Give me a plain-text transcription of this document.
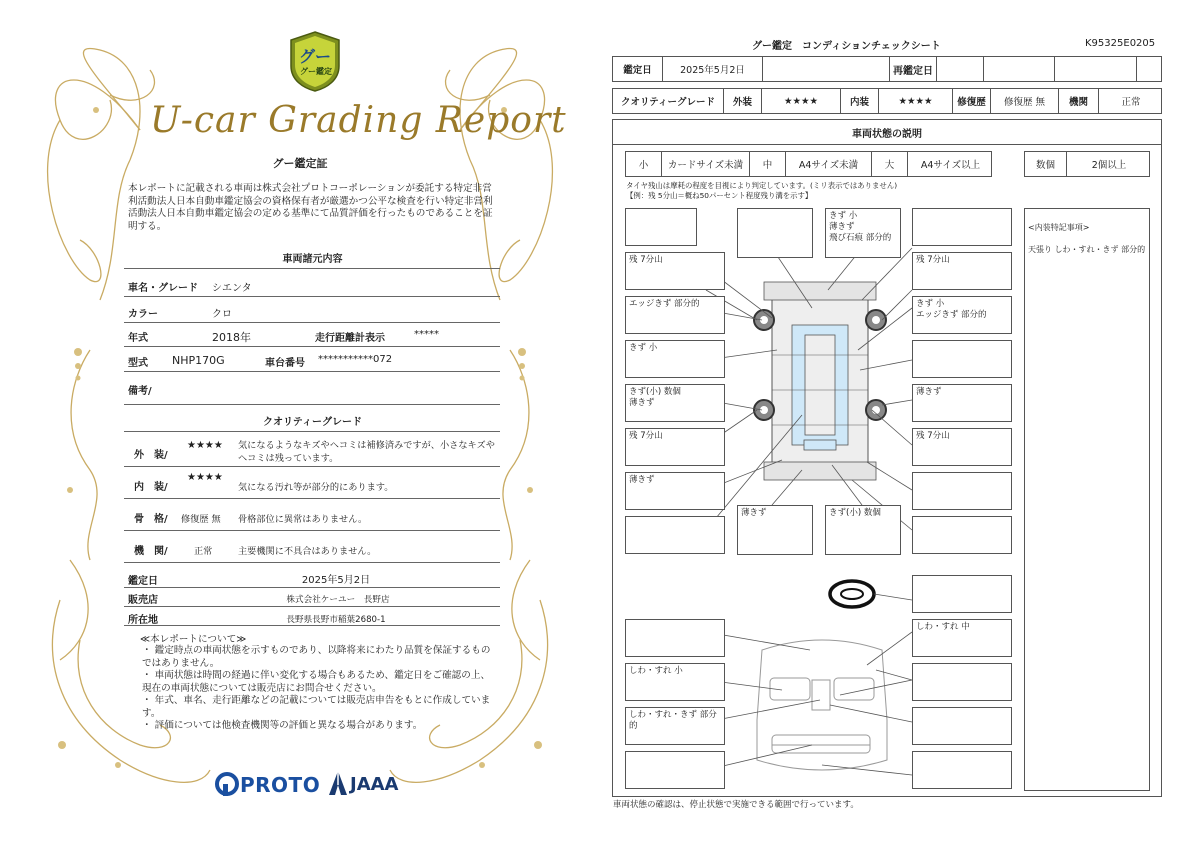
グー
グー鑑定
U-car Grading Report
グー鑑定証
本レポートに記載される車両は株式会社プロトコーポレーションが委託する特定非営利活動法人日本自動車鑑定協会の資格保有者が厳選かつ公平な検査を行い特定非営利活動法人日本自動車鑑定協会の定める基準にて品質評価を行ったものであることを証明する。
車両諸元内容
車名・グレード シエンタ
カラー	クロ
年式	2018年	走行距離計表示	*****
型式 NHP170G	車台番号 ***********072
備考/
クオリティーグレード
外　装/
★★★★ 気になるようなキズやヘコミは補修済みですが、小さなキズやヘコミは残っています。
内　装/
★★★★
気になる汚れ等が部分的にあります。
骨　格/ 修復歴 無 骨格部位に異常はありません。
機　関/	正常	主要機関に不具合はありません。
鑑定日	2025年5月2日
販売店	株式会社ケーユー　長野店
所在地	長野県長野市稲葉2680-1
≪本レポートについて≫
・ 鑑定時点の車両状態を示すものであり、以降将来にわたり品質を保証するものではありません。
・ 車両状態は時間の経過に伴い変化する場合もあるため、鑑定日をご確認の上、現在の車両状態については販売店にお問合せください。
・ 年式、車名、走行距離などの記載については販売店申告をもとに作成しています。
・ 評価については他検査機関等の評価と異なる場合があります。
PROTO JAAA
グー鑑定　コンディションチェックシート	K95325E0205
鑑定日	2025年5月2日	再鑑定日
クオリティーグレード	外装	★★★★	内装	★★★★	修復歴	修復歴 無	機関	正常
車両状態の説明
小	カードサイズ未満	中	A4サイズ未満	大	A4サイズ以上	数個	2個以上
タイヤ残山は摩耗の程度を目視により判定しています。(ミリ表示ではありません)
【例：残 5分山＝概ね50パーセント程度残り溝を示す】

<内装特記事項>

天張り しわ・すれ・きず 部分的

きず 小
薄きず
飛び石痕 部分的
残 7分山	残 7分山
エッジきず 部分的	きず 小
エッジきず 部分的
きず 小
きず(小) 数個
薄きず
薄きず
残 7分山	残 7分山
薄きず
薄きず	きず(小) 数個
しわ・すれ 中
しわ・すれ 小
しわ・すれ・きず 部分的
車両状態の確認は、停止状態で実施できる範囲で行っています。
